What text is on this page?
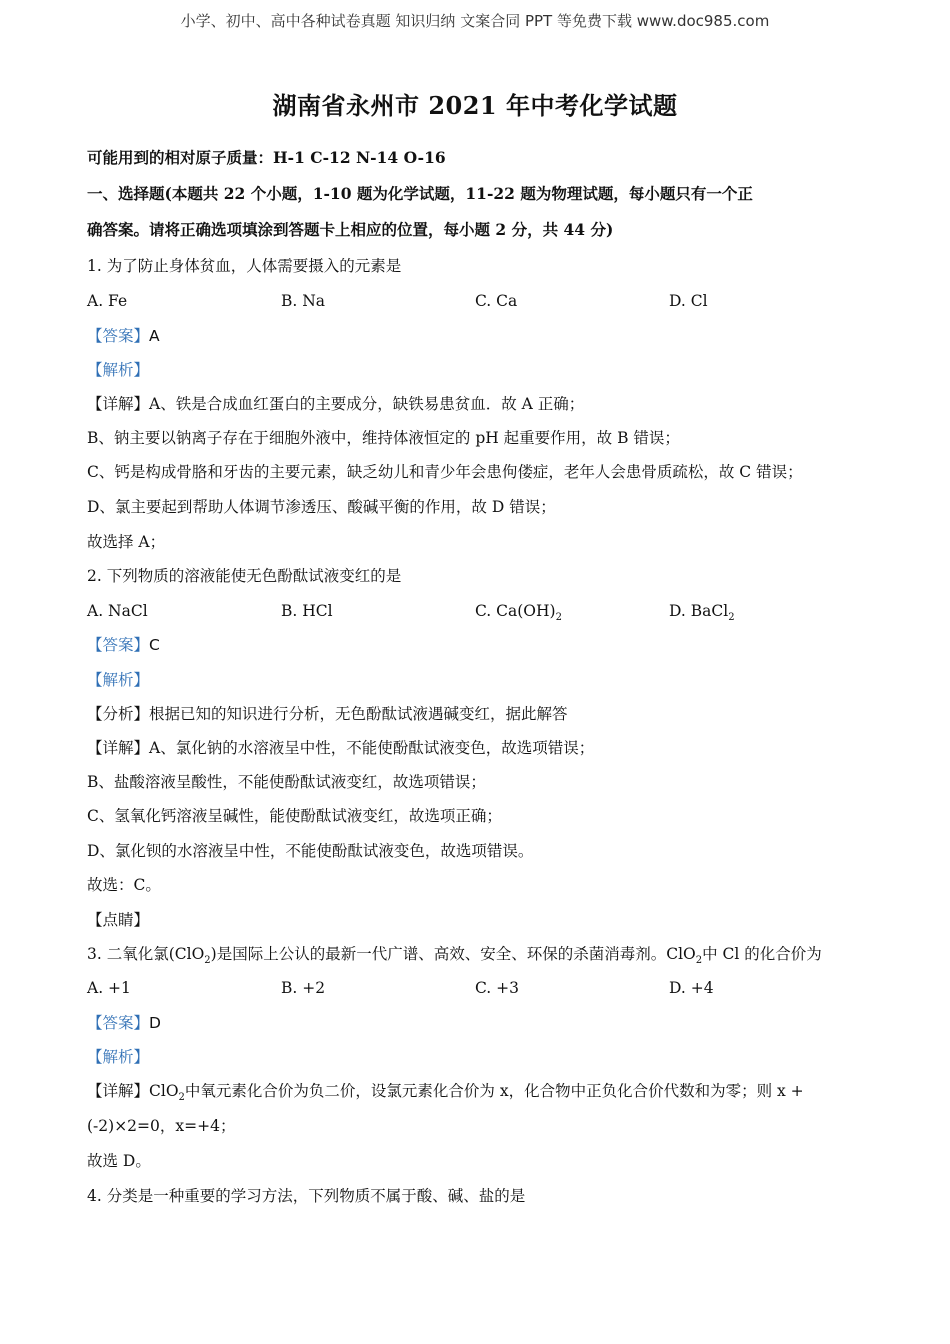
小学、初中、高中各种试卷真题 知识归纳 文案合同 PPT 等免费下载 www.doc985.com
湖南省永州市 2021 年中考化学试题
可能用到的相对原子质量：H-1 C-12 N-14 O-16
一、选择题(本题共 22 个小题，1-10 题为化学试题，11-22 题为物理试题，每小题只有一个正
确答案。请将正确选项填涂到答题卡上相应的位置，每小题 2 分，共 44 分)
1. 为了防止身体贫血，人体需要摄入的元素是
A. Fe	B. Na	C. Ca	D. Cl
【答案】A
【解析】
【详解】A、铁是合成血红蛋白的主要成分，缺铁易患贫血．故 A 正确；
B、钠主要以钠离子存在于细胞外液中，维持体液恒定的 pH 起重要作用，故 B 错误；
C、钙是构成骨胳和牙齿的主要元素，缺乏幼儿和青少年会患佝偻症，老年人会患骨质疏松，故 C 错误；
D、氯主要起到帮助人体调节渗透压、酸碱平衡的作用，故 D 错误；
故选择 A；
2. 下列物质的溶液能使无色酚酞试液变红的是
A. NaCl	B. HCl	C. $Ca(OH)_2$	D. BaCl$_2$
【答案】C
【解析】
【分析】根据已知的知识进行分析，无色酚酞试液遇碱变红，据此解答
【详解】A、氯化钠的水溶液呈中性，不能使酚酞试液变色，故选项错误；
B、盐酸溶液呈酸性，不能使酚酞试液变红，故选项错误；
C、氢氧化钙溶液呈碱性，能使酚酞试液变红，故选项正确；
D、氯化钡的水溶液呈中性，不能使酚酞试液变色，故选项错误。
故选：C。
【点睛】
3. 二氧化氯(ClO$_2$)是国际上公认的最新一代广谱、高效、安全、环保的杀菌消毒剂。ClO$_2$中 Cl 的化合价为
A. +1	B. +2	C. +3	D. +4
【答案】D
【解析】
【详解】ClO$_2$中氧元素化合价为负二价，设氯元素化合价为 x，化合物中正负化合价代数和为零；则 x +
(-2)×2=0，x=+4；
故选 D。
4. 分类是一种重要的学习方法，下列物质不属于酸、碱、盐的是
